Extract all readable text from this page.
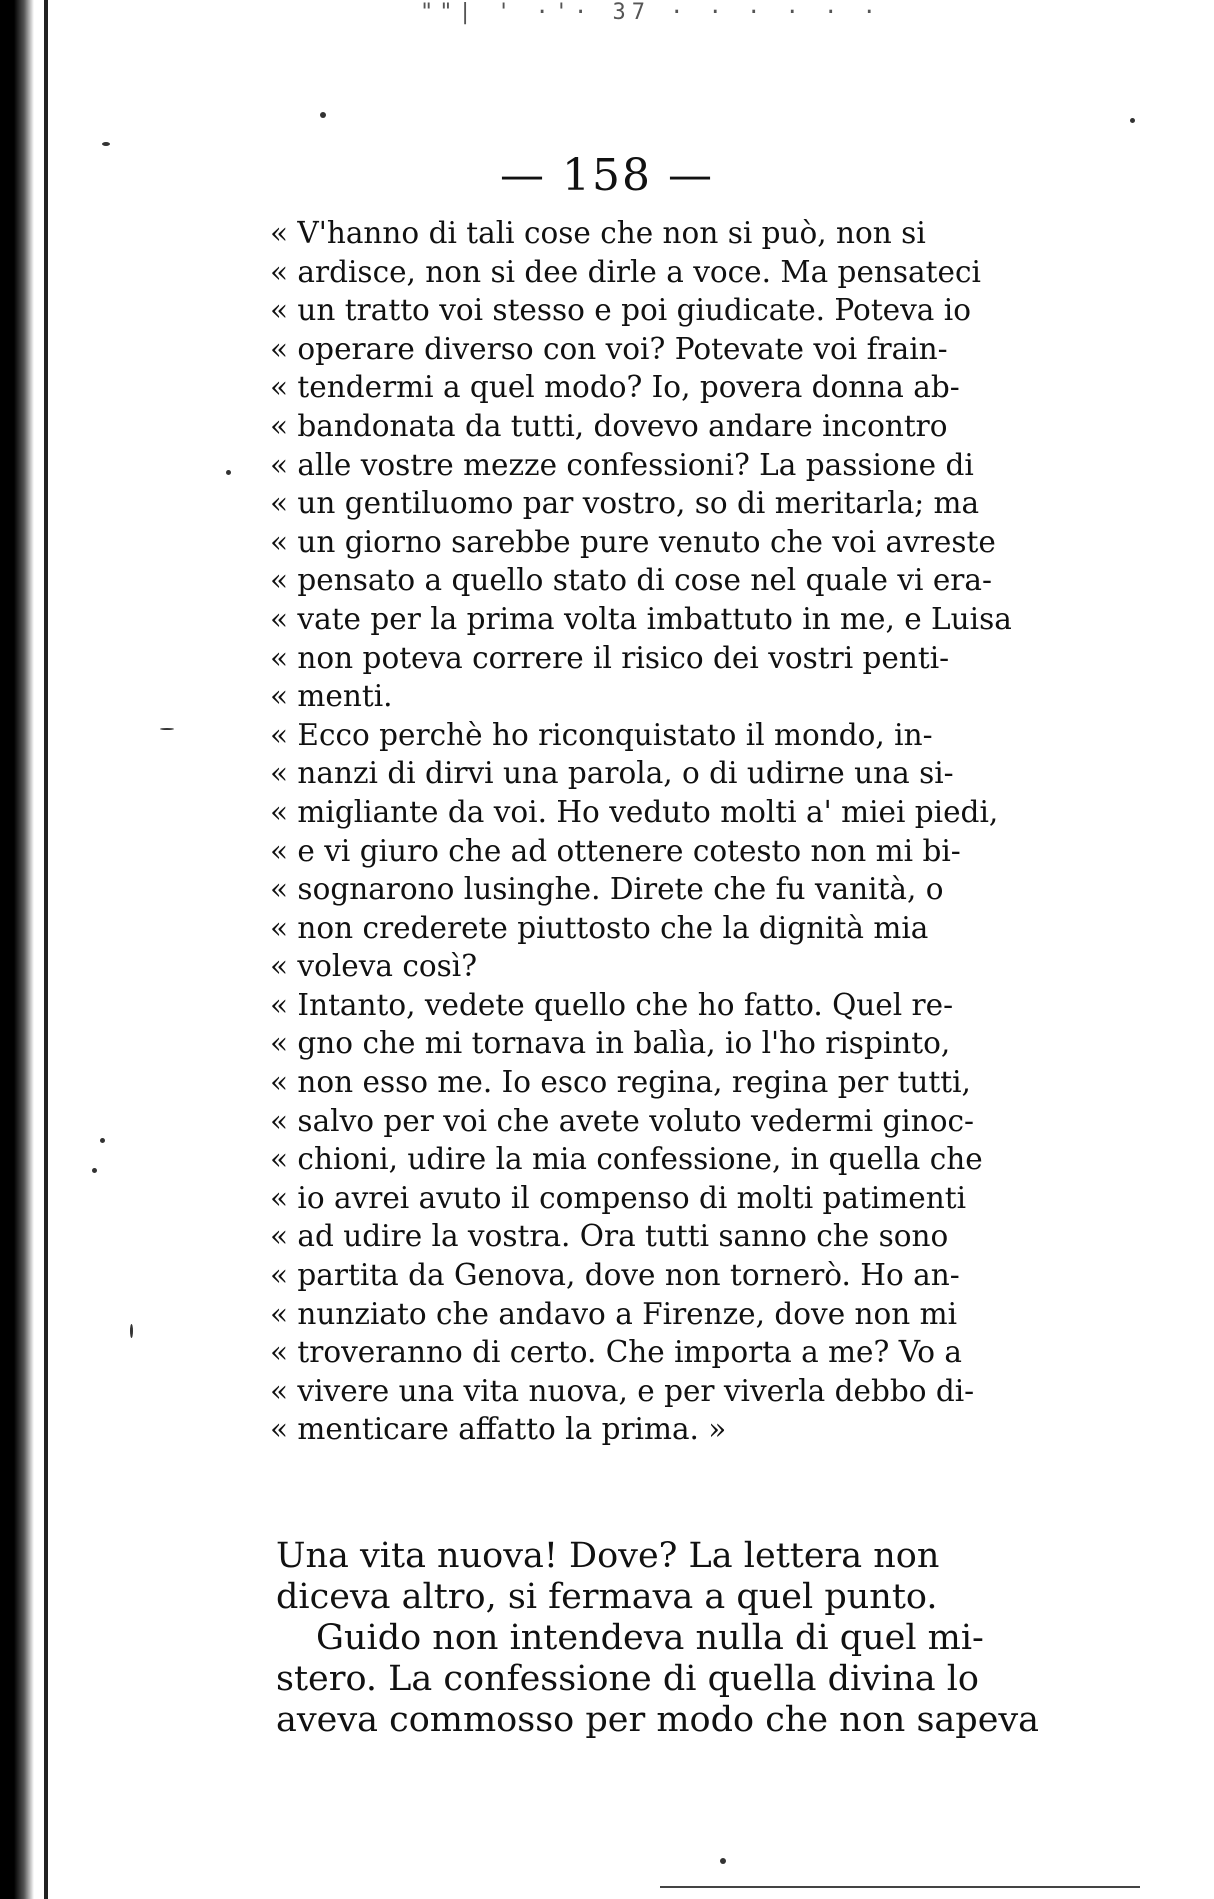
""| ' ·'· 37 · · · · · ·
— 158 —
« V'hanno di tali cose che non si può, non si
« ardisce, non si dee dirle a voce. Ma pensateci
« un tratto voi stesso e poi giudicate. Poteva io
« operare diverso con voi? Potevate voi frain-
« tendermi a quel modo? Io, povera donna ab-
« bandonata da tutti, dovevo andare incontro
« alle vostre mezze confessioni? La passione di
« un gentiluomo par vostro, so di meritarla; ma
« un giorno sarebbe pure venuto che voi avreste
« pensato a quello stato di cose nel quale vi era-
« vate per la prima volta imbattuto in me, e Luisa
« non poteva correre il risico dei vostri penti-
« menti.
« Ecco perchè ho riconquistato il mondo, in-
« nanzi di dirvi una parola, o di udirne una si-
« migliante da voi. Ho veduto molti a' miei piedi,
« e vi giuro che ad ottenere cotesto non mi bi-
« sognarono lusinghe. Direte che fu vanità, o
« non crederete piuttosto che la dignità mia
« voleva così?
« Intanto, vedete quello che ho fatto. Quel re-
« gno che mi tornava in balìa, io l'ho rispinto,
« non esso me. Io esco regina, regina per tutti,
« salvo per voi che avete voluto vedermi ginoc-
« chioni, udire la mia confessione, in quella che
« io avrei avuto il compenso di molti patimenti
« ad udire la vostra. Ora tutti sanno che sono
« partita da Genova, dove non tornerò. Ho an-
« nunziato che andavo a Firenze, dove non mi
« troveranno di certo. Che importa a me? Vo a
« vivere una vita nuova, e per viverla debbo di-
« menticare affatto la prima. »
Una vita nuova! Dove? La lettera non
diceva altro, si fermava a quel punto.
Guido non intendeva nulla di quel mi-
stero. La confessione di quella divina lo
aveva commosso per modo che non sapeva
